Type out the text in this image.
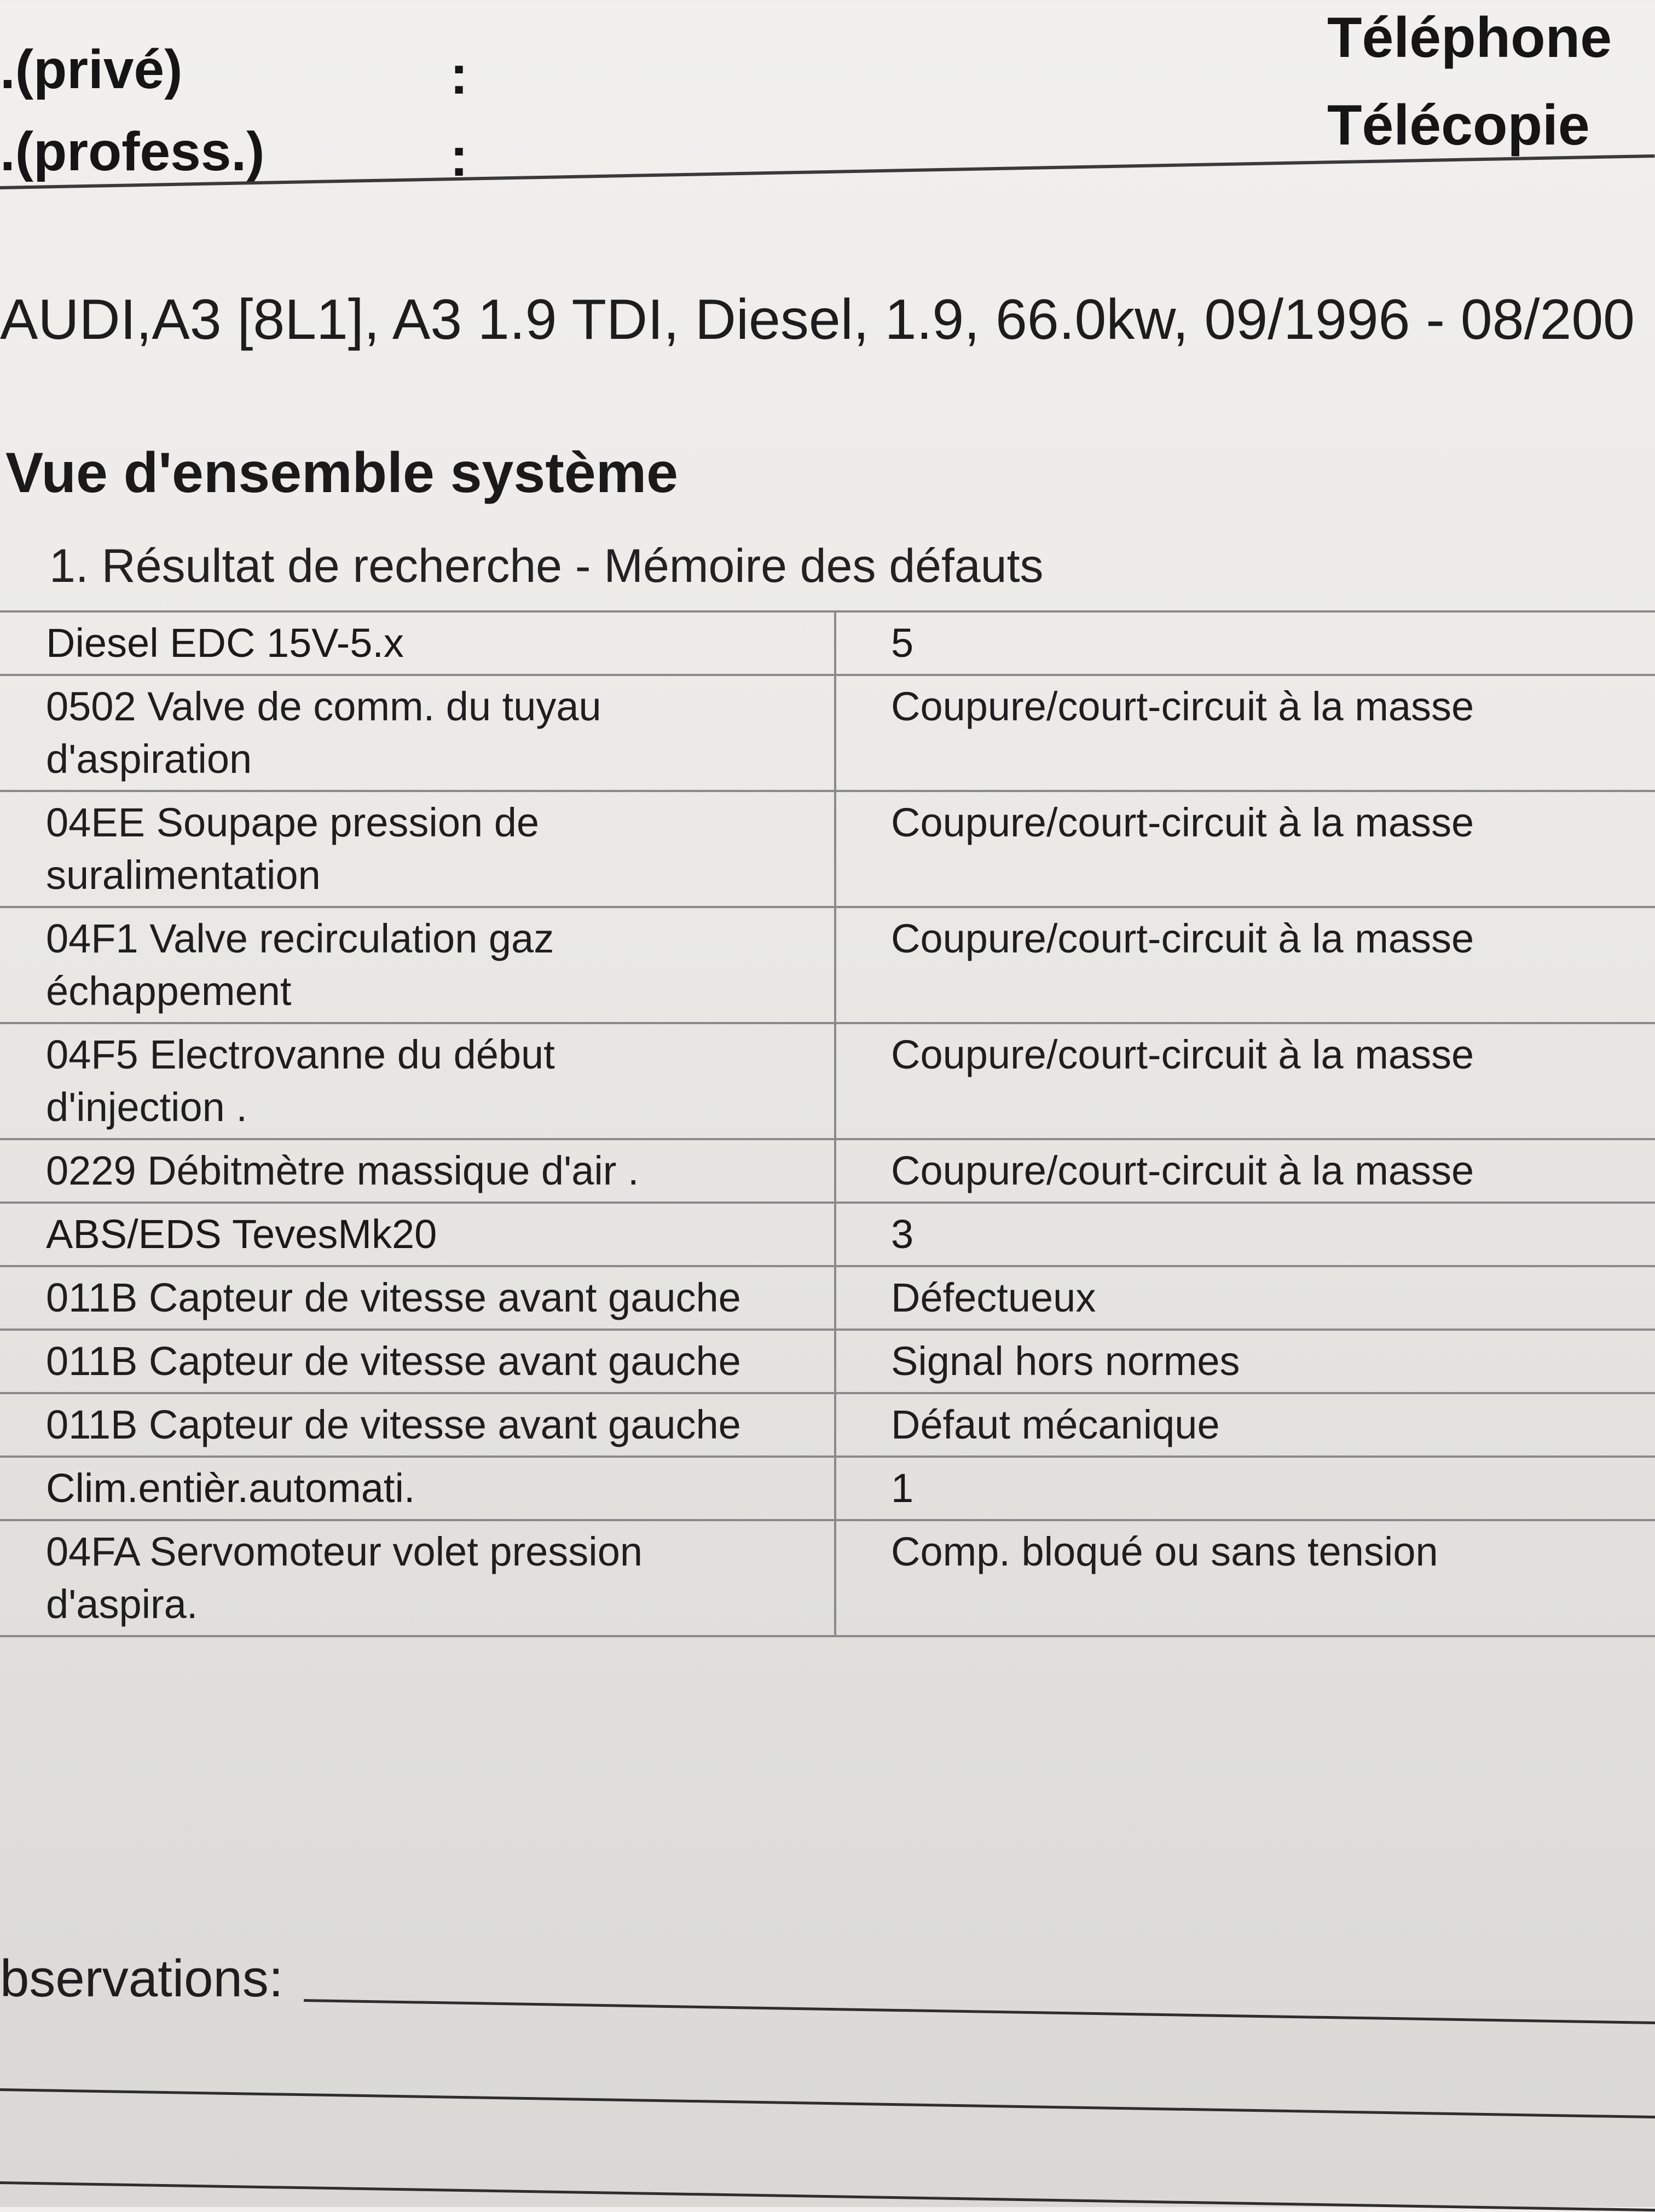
.(privé)	:
.(profess.)	:
Téléphone
Télécopie
AUDI,A3 [8L1], A3 1.9 TDI, Diesel, 1.9, 66.0kw, 09/1996 - 08/200
Vue d'ensemble système
1. Résultat de recherche - Mémoire des défauts
Diesel EDC 15V-5.x	5	
0502 Valve de comm. du tuyau
d'aspiration	Coupure/court-circuit à la masse	
04EE Soupape pression de
suralimentation	Coupure/court-circuit à la masse	
04F1 Valve recirculation gaz
échappement	Coupure/court-circuit à la masse	
04F5 Electrovanne du début
d'injection .	Coupure/court-circuit à la masse	
0229 Débitmètre massique d'air .	Coupure/court-circuit à la masse	
ABS/EDS TevesMk20	3	
011B Capteur de vitesse avant gauche	Défectueux	
011B Capteur de vitesse avant gauche	Signal hors normes	
011B Capteur de vitesse avant gauche	Défaut mécanique	
Clim.entièr.automati.	1	
04FA Servomoteur volet pression
d'aspira.	Comp. bloqué ou sans tension	
bservations:
